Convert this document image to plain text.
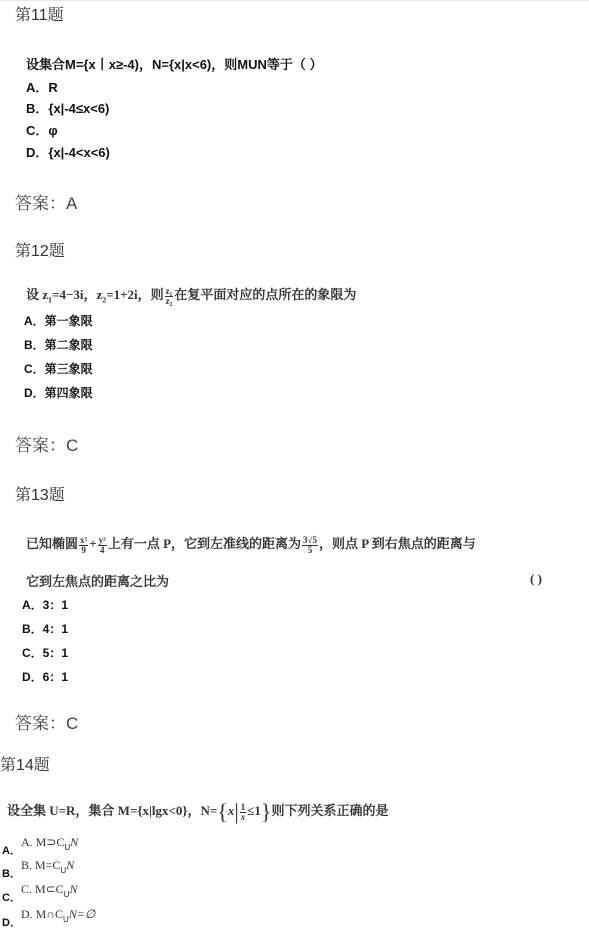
第11题
设集合M={x丨x≥-4)，N={x|x<6)，则MUN等于（ ）
A．R
B．{x|-4≤x<6)
C．φ
D．{x|-4<x<6)
答案：A
第12题
设 $z_1=4-3i$，$z_2=1+2i$，则 $\frac{\text{z₁}}{\text{z₂}}$ 在复平面对应的点所在的象限为
A．第一象限
B．第二象限
C．第三象限
D．第四象限
答案：C
第13题
已知椭圆 $\frac{\text{x²}}{9} + \frac{\text{y²}}{4}$ 上有一点 P，它到左准线的距离为 $\frac{3√5}{5}$ ，则点 P 到右焦点的距离与
它到左焦点的距离之比为	( )
A．3：1
B．4：1
C．5：1
D．6：1
答案：C
第14题
设全集 U=R，集合 M={x|lgx<0}，$N=\{x| \frac{1}{x} \le 1\}$则下列关系正确的是
$_{A.}$A. $M⊃C_UN$
$_{B.}$B. $M=C_UN$
$_{C.}$C. $M\subset C_UN$
$_{D.}$D. $M\cap C_UN=\emptyset$
